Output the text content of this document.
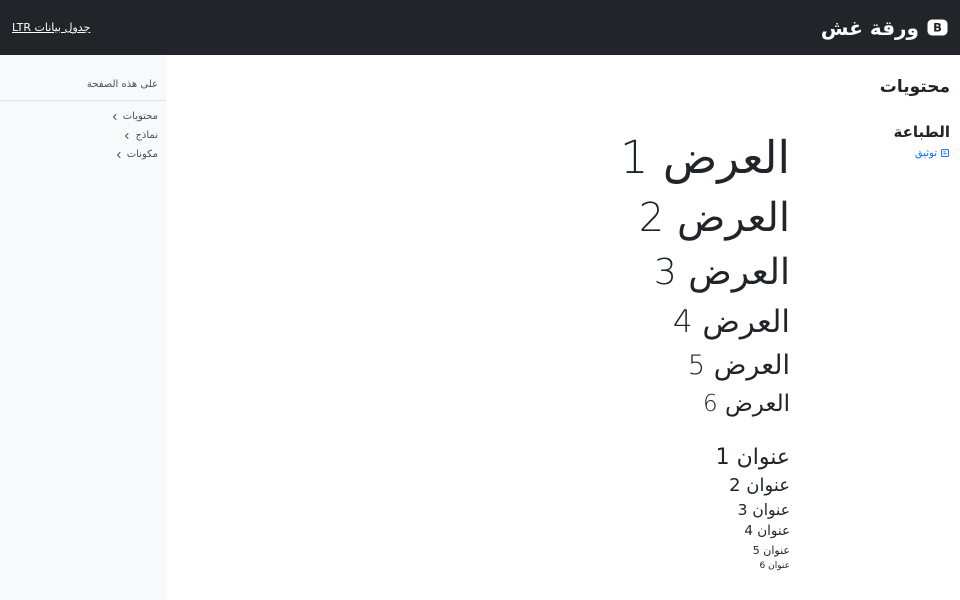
B
ورقة غش
جدول بيانات LTR
محتويات
الطباعة
توثيق

العرض 1

العرض 2

العرض 3

العرض 4

العرض 5

العرض 6

عنوان 1

عنوان 2

عنوان 3

عنوان 4

عنوان 5

عنوان 6

على هذه الصفحة
محتويات
نماذج
مكونات
